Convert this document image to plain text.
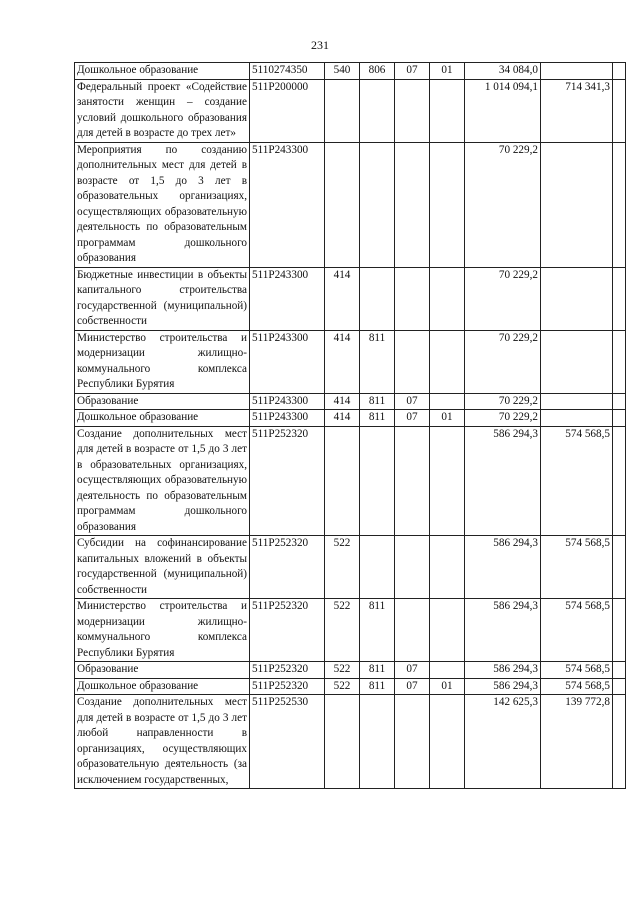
231
Дошкольное образование	5110274350	540	806	07	01	34 084,0		
Федеральный проект «Содействие занятости женщин – создание условий дошкольного образования для детей в возрасте до трех лет»	511P200000					1 014 094,1	714 341,3	
Мероприятия по созданию дополнительных мест для детей в возрасте от 1,5 до 3 лет в образовательных организациях, осуществляющих образовательную деятельность по образовательным программам дошкольного образования	511P243300					70 229,2		
Бюджетные инвестиции в объекты капитального строительства государственной (муниципальной) собственности	511P243300	414				70 229,2		
Министерство строительства и модернизации жилищно-коммунального комплекса Республики Бурятия	511P243300	414	811			70 229,2		
Образование	511P243300	414	811	07		70 229,2		
Дошкольное образование	511P243300	414	811	07	01	70 229,2		
Создание дополнительных мест для детей в возрасте от 1,5 до 3 лет в образовательных организациях, осуществляющих образовательную деятельность по образовательным программам дошкольного образования	511P252320					586 294,3	574 568,5	
Субсидии на софинансирование капитальных вложений в объекты государственной (муниципальной) собственности	511P252320	522				586 294,3	574 568,5	
Министерство строительства и модернизации жилищно-коммунального комплекса Республики Бурятия	511P252320	522	811			586 294,3	574 568,5	
Образование	511P252320	522	811	07		586 294,3	574 568,5	
Дошкольное образование	511P252320	522	811	07	01	586 294,3	574 568,5	
Создание дополнительных мест для детей в возрасте от 1,5 до 3 лет любой направленности в организациях, осуществляющих образовательную деятельность (за исключением государственных,	511P252530					142 625,3	139 772,8	
